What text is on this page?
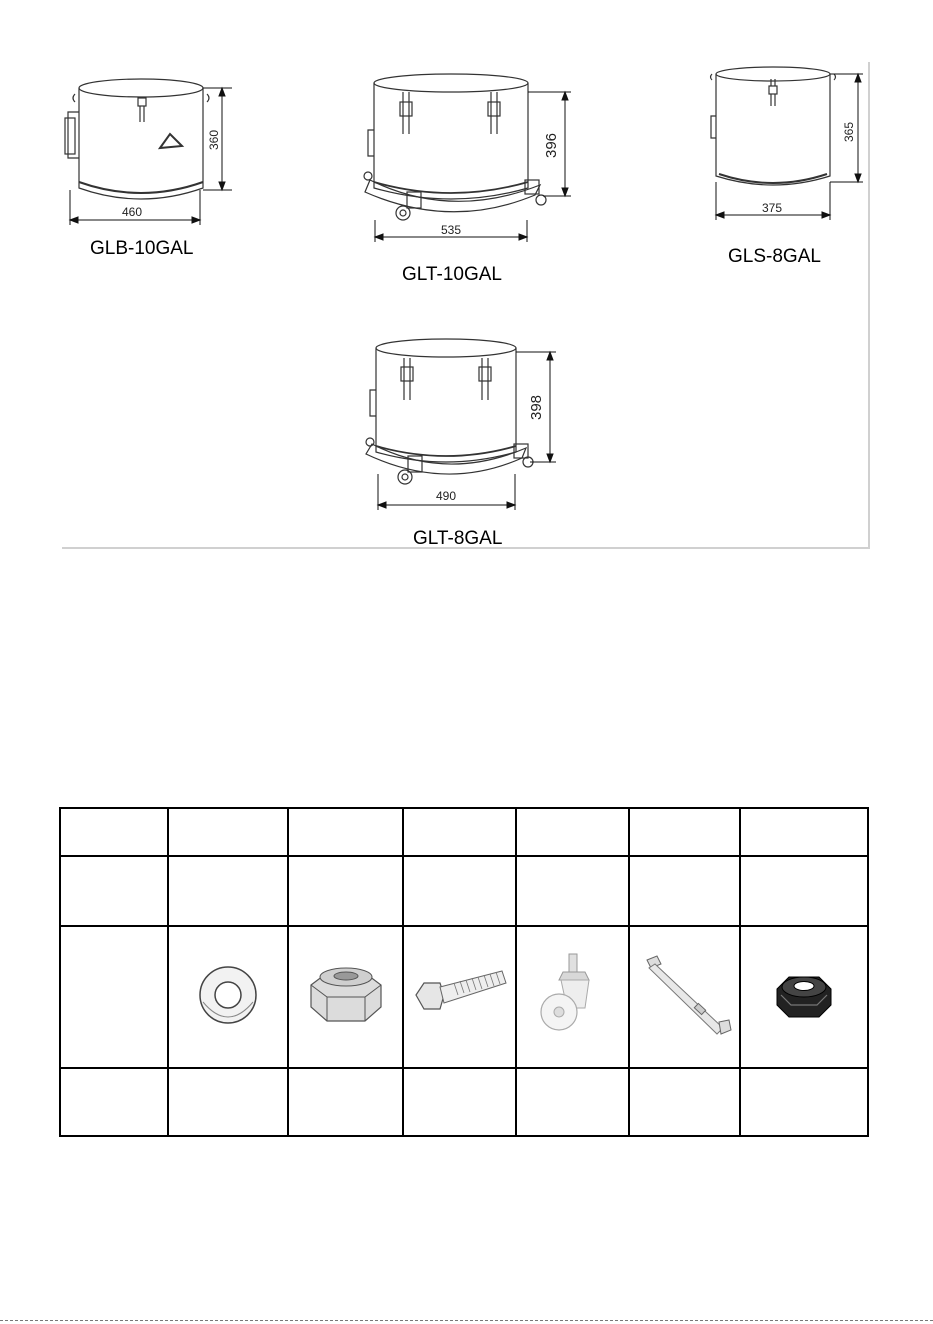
460
360
GLB-10GAL
535
396
GLT-10GAL
375
365
GLS-8GAL
490
398
GLT-8GAL
